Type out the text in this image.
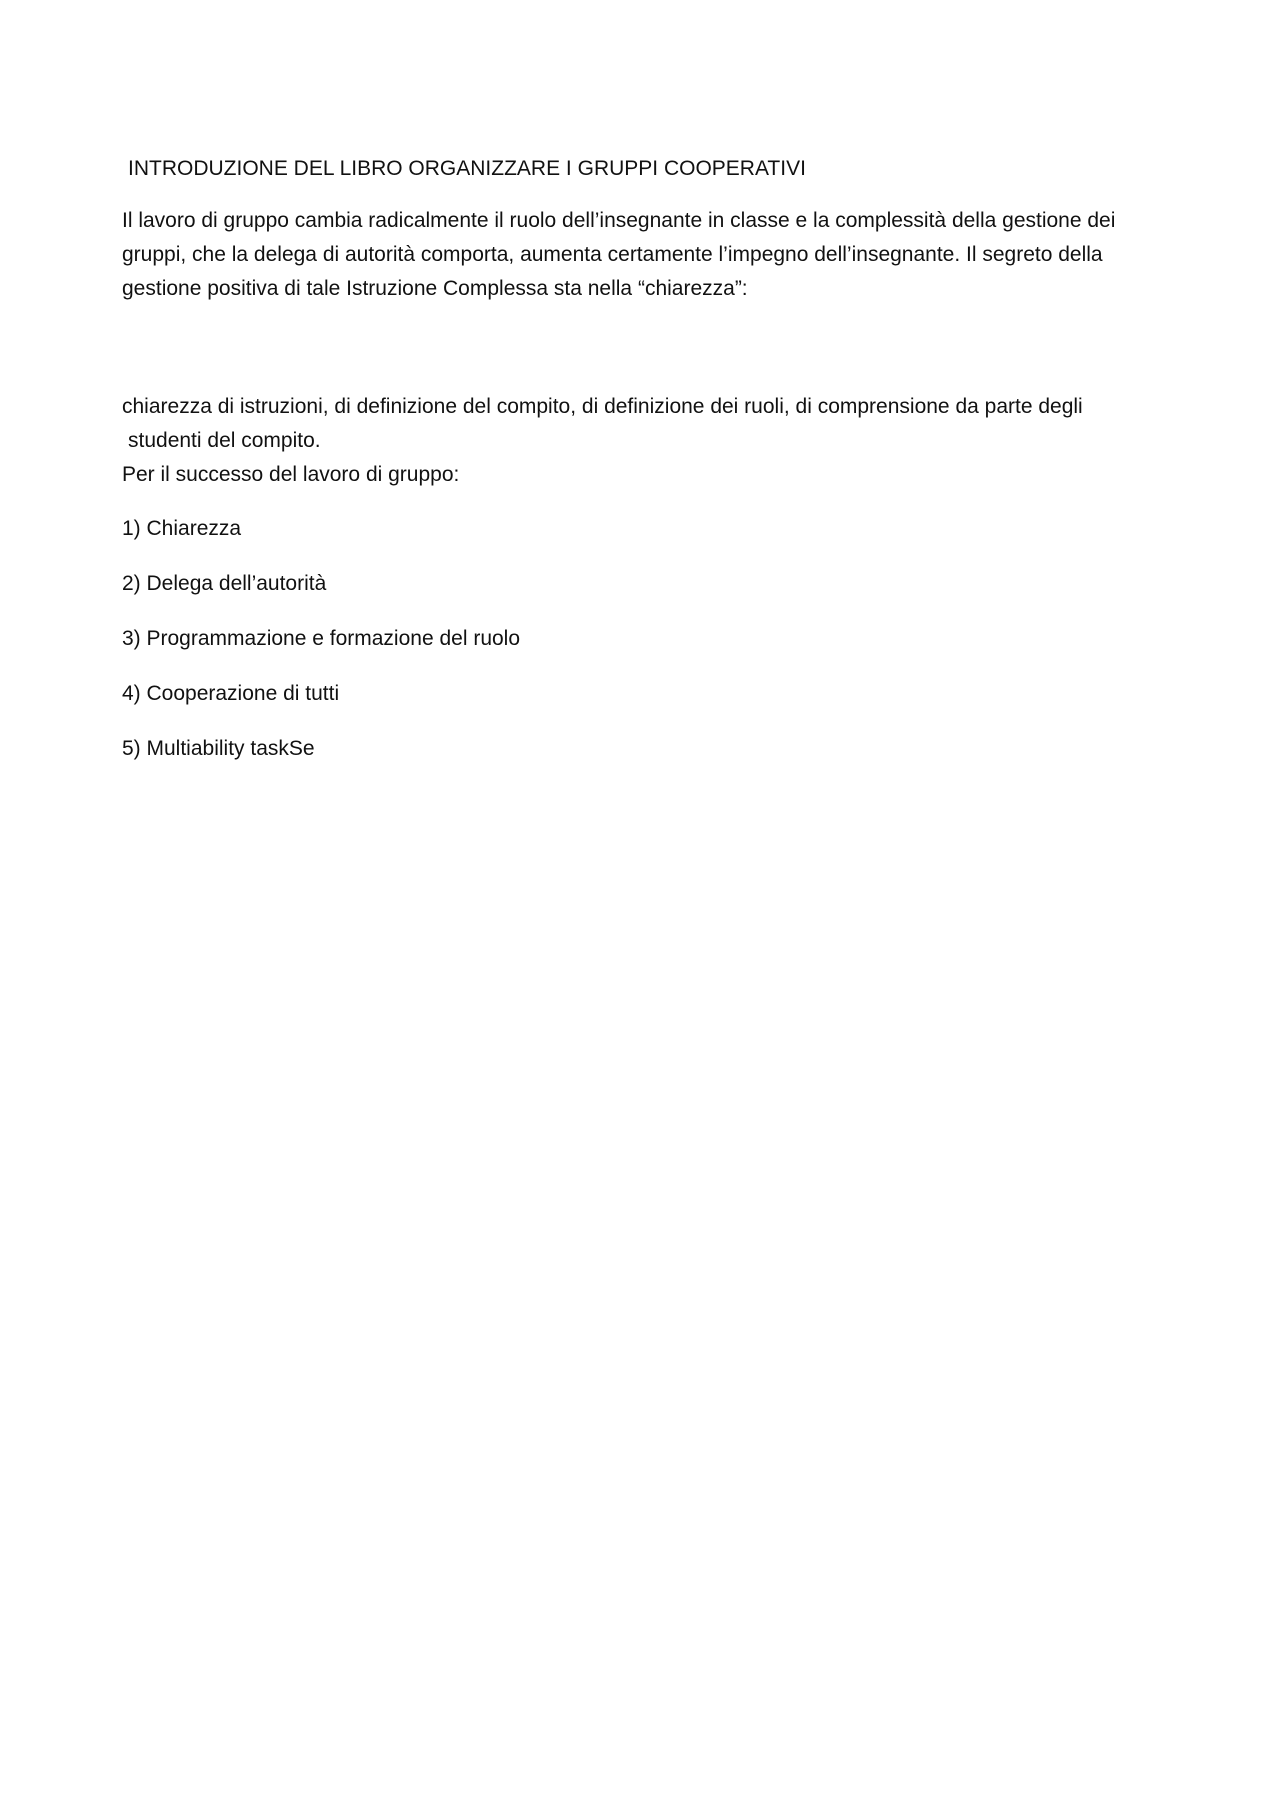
INTRODUZIONE DEL LIBRO ORGANIZZARE I GRUPPI COOPERATIVI

Il lavoro di gruppo cambia radicalmente il ruolo dell’insegnante in classe e la complessità della gestione dei gruppi, che la delega di autorità comporta, aumenta certamente l’impegno dell’insegnante. Il segreto della gestione positiva di tale Istruzione Complessa sta nella “chiarezza”:

chiarezza di istruzioni, di definizione del compito, di definizione dei ruoli, di comprensione da parte degli studenti del compito.

Per il successo del lavoro di gruppo:

1) Chiarezza
2) Delega dell’autorità
3) Programmazione e formazione del ruolo
4) Cooperazione di tutti
5) Multiability taskSe
